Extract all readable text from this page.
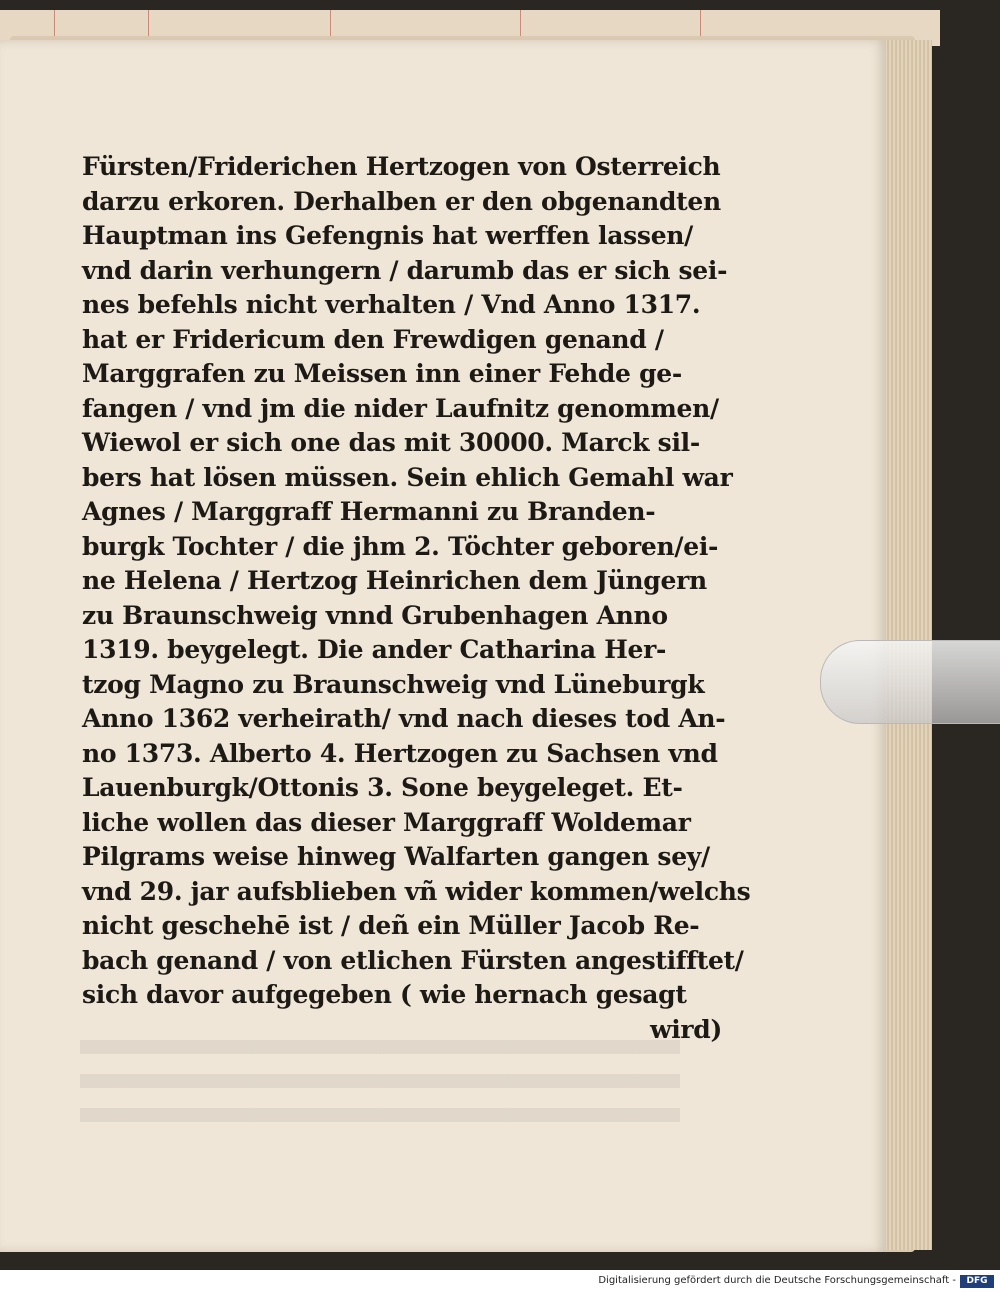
Fürsten/Friderichen Hertzogen von Osterreich
darzu erkoren. Derhalben er den obgenandten
Hauptman ins Gefengnis hat werffen lassen/
vnd darin verhungern / darumb das er sich sei-
nes befehls nicht verhalten / Vnd Anno 1317.
hat er Fridericum den Frewdigen genand /
Marggrafen zu Meissen inn einer Fehde ge-
fangen / vnd jm die nider Laufnitz genommen/
Wiewol er sich one das mit 30000. Marck sil-
bers hat lösen müssen. Sein ehlich Gemahl war
Agnes / Marggraff Hermanni zu Branden-
burgk Tochter / die jhm 2. Töchter geboren/ei-
ne Helena / Hertzog Heinrichen dem Jüngern
zu Braunschweig vnnd Grubenhagen Anno
1319. beygelegt. Die ander Catharina Her-
tzog Magno zu Braunschweig vnd Lüneburgk
Anno 1362 verheirath/ vnd nach dieses tod An-
no 1373. Alberto 4. Hertzogen zu Sachsen vnd
Lauenburgk/Ottonis 3. Sone beygeleget. Et-
liche wollen das dieser Marggraff Woldemar
Pilgrams weise hinweg Walfarten gangen sey/
vnd 29. jar aufsblieben vñ wider kommen/welchs
nicht geschehē ist / deñ ein Müller Jacob Re-
bach genand / von etlichen Fürsten angestifftet/
sich davor aufgegeben ( wie hernach gesagt
wird)
Digitalisierung gefördert durch die Deutsche Forschungsgemeinschaft -	DFG
